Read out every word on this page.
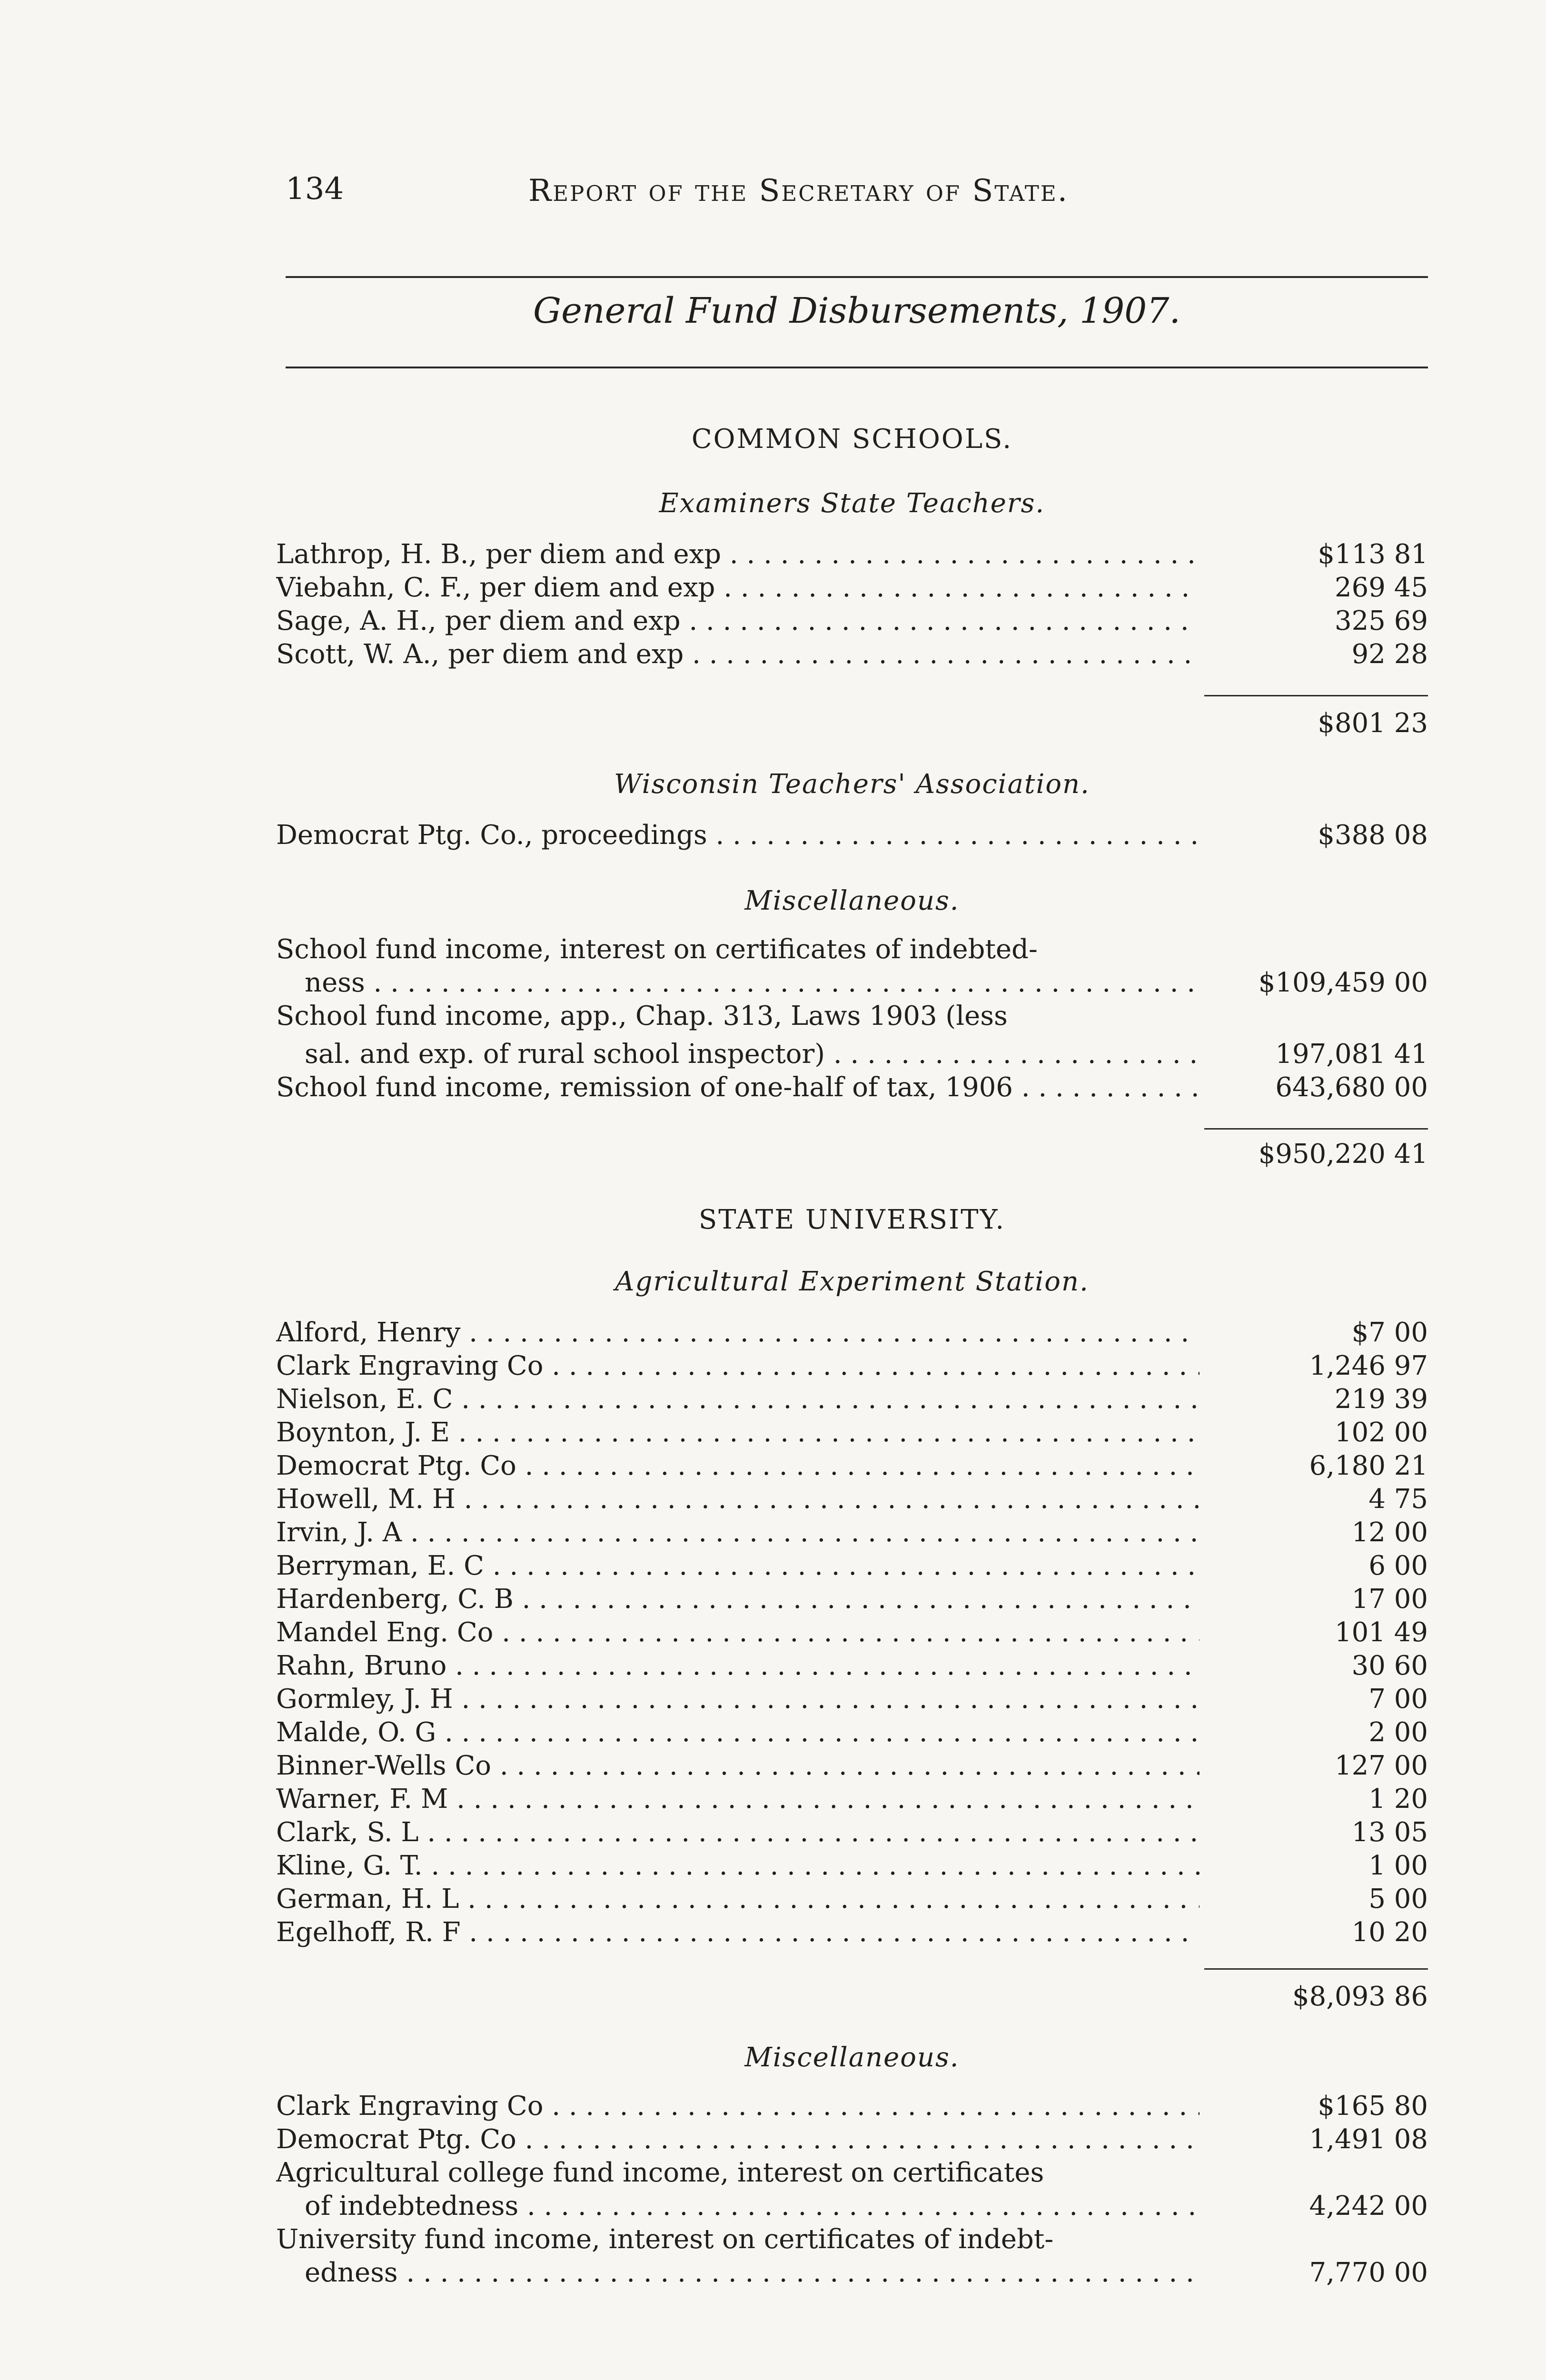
134	Report of the Secretary of State.
General Fund Disbursements, 1907.
COMMON SCHOOLS.
Examiners State Teachers.
Lathrop, H. B., per diem and exp . . .	$113 81
Viebahn, C. F., per diem and exp . . .	269 45
Sage, A. H., per diem and exp . . .	325 69
Scott, W. A., per diem and exp . . .	92 28
$801 23
Wisconsin Teachers' Association.
Democrat Ptg. Co., proceedings . . .	$388 08
Miscellaneous.
School fund income, interest on certificates of indebted-
ness . . .	$109,459 00
School fund income, app., Chap. 313, Laws 1903 (less
sal. and exp. of rural school inspector) . . .	197,081 41
School fund income, remission of one-half of tax, 1906 . . .	643,680 00
$950,220 41
STATE UNIVERSITY.
Agricultural Experiment Station.
Alford, Henry . . .	$7 00
Clark Engraving Co . . .	1,246 97
Nielson, E. C . . .	219 39
Boynton, J. E . . .	102 00
Democrat Ptg. Co . . .	6,180 21
Howell, M. H . . .	4 75
Irvin, J. A . . .	12 00
Berryman, E. C . . .	6 00
Hardenberg, C. B . . .	17 00
Mandel Eng. Co . . .	101 49
Rahn, Bruno . . .	30 60
Gormley, J. H . . .	7 00
Malde, O. G . . .	2 00
Binner-Wells Co . . .	127 00
Warner, F. M . . .	1 20
Clark, S. L . . .	13 05
Kline, G. T. . . .	1 00
German, H. L . . .	5 00
Egelhoff, R. F . . .	10 20
$8,093 86
Miscellaneous.
Clark Engraving Co . . .	$165 80
Democrat Ptg. Co . . .	1,491 08
Agricultural college fund income, interest on certificates
of indebtedness . . .	4,242 00
University fund income, interest on certificates of indebt-
edness . . .	7,770 00
